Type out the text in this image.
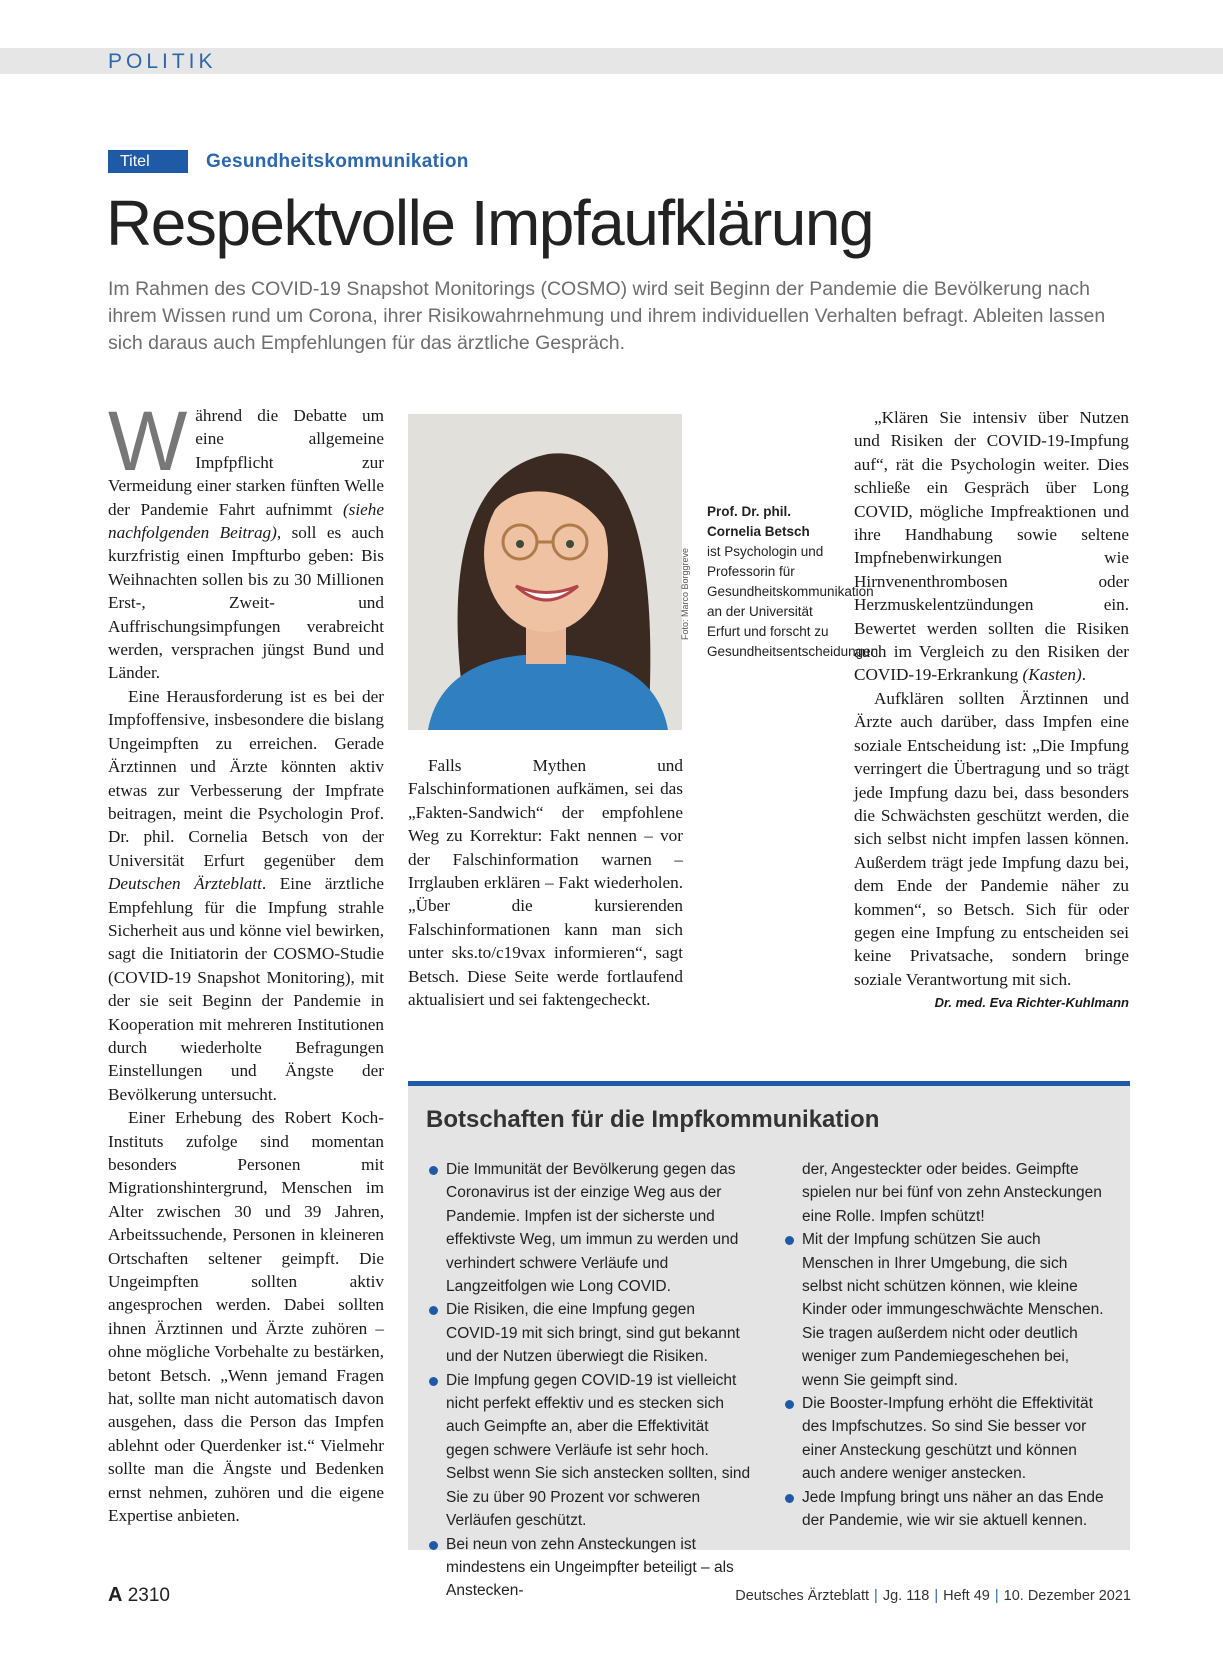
POLITIK
Titel	Gesundheitskommunikation
Respektvolle Impfaufklärung
Im Rahmen des COVID-19 Snapshot Monitorings (COSMO) wird seit Beginn der Pandemie die Bevölkerung nach ihrem Wissen rund um Corona, ihrer Risikowahrnehmung und ihrem individuellen Verhalten befragt. Ableiten lassen sich daraus auch Empfehlungen für das ärztliche Gespräch.

Während die Debatte um eine allgemeine Impfpflicht zur Vermeidung einer starken fünften Welle der Pandemie Fahrt aufnimmt (siehe nachfolgenden Beitrag), soll es auch kurzfristig einen Impfturbo geben: Bis Weihnachten sollen bis zu 30 Millionen Erst-, Zweit- und Auffrischungsimpfungen verabreicht werden, versprachen jüngst Bund und Länder.

Eine Herausforderung ist es bei der Impfoffensive, insbesondere die bislang Ungeimpften zu erreichen. Gerade Ärztinnen und Ärzte könnten aktiv etwas zur Verbesserung der Impfrate beitragen, meint die Psychologin Prof. Dr. phil. Cornelia Betsch von der Universität Erfurt gegenüber dem Deutschen Ärzteblatt. Eine ärztliche Empfehlung für die Impfung strahle Sicherheit aus und könne viel bewirken, sagt die Initiatorin der COSMO-Studie (COVID-19 Snapshot Monitoring), mit der sie seit Beginn der Pandemie in Kooperation mit mehreren Institutionen durch wiederholte Befragungen Einstellungen und Ängste der Bevölkerung untersucht.

Einer Erhebung des Robert Koch-Instituts zufolge sind momentan besonders Personen mit Migrationshintergrund, Menschen im Alter zwischen 30 und 39 Jahren, Arbeitssuchende, Personen in kleineren Ortschaften seltener geimpft. Die Ungeimpften sollten aktiv angesprochen werden. Dabei sollten ihnen Ärztinnen und Ärzte zuhören – ohne mögliche Vorbehalte zu bestärken, betont Betsch. „Wenn jemand Fragen hat, sollte man nicht automatisch davon ausgehen, dass die Person das Impfen ablehnt oder Querdenker ist.“ Vielmehr sollte man die Ängste und Bedenken ernst nehmen, zuhören und die eigene Expertise anbieten.

Foto: Marco Borggreve
Prof. Dr. phil. Cornelia Betsch
ist Psychologin und Professorin für Gesundheitskommunikation an der Universität Erfurt und forscht zu Gesundheitsentscheidungen.

Falls Mythen und Falschinformationen aufkämen, sei das „Fakten-Sandwich“ der empfohlene Weg zu Korrektur: Fakt nennen – vor der Falschinformation warnen – Irrglauben erklären – Fakt wiederholen. „Über die kursierenden Falschinformationen kann man sich unter sks.to/c19vax informieren“, sagt Betsch. Diese Seite werde fortlaufend aktualisiert und sei faktengecheckt.

„Klären Sie intensiv über Nutzen und Risiken der COVID-19-Impfung auf“, rät die Psychologin weiter. Dies schließe ein Gespräch über Long COVID, mögliche Impfreaktionen und ihre Handhabung sowie seltene Impfnebenwirkungen wie Hirnvenenthrombosen oder Herzmuskelentzündungen ein. Bewertet werden sollten die Risiken auch im Vergleich zu den Risiken der COVID-19-Erkrankung (Kasten).

Aufklären sollten Ärztinnen und Ärzte auch darüber, dass Impfen eine soziale Entscheidung ist: „Die Impfung verringert die Übertragung und so trägt jede Impfung dazu bei, dass besonders die Schwächsten geschützt werden, die sich selbst nicht impfen lassen können. Außerdem trägt jede Impfung dazu bei, dem Ende der Pandemie näher zu kommen“, so Betsch. Sich für oder gegen eine Impfung zu entscheiden sei keine Privatsache, sondern bringe soziale Verantwortung mit sich.
Dr. med. Eva Richter-Kuhlmann

Botschaften für die Impfkommunikation
Die Immunität der Bevölkerung gegen das Coronavirus ist der einzige Weg aus der Pandemie. Impfen ist der sicherste und effektivste Weg, um immun zu werden und verhindert schwere Verläufe und Langzeitfolgen wie Long COVID.
Die Risiken, die eine Impfung gegen COVID-19 mit sich bringt, sind gut bekannt und der Nutzen überwiegt die Risiken.
Die Impfung gegen COVID-19 ist vielleicht nicht perfekt effektiv und es stecken sich auch Geimpfte an, aber die Effektivität gegen schwere Verläufe ist sehr hoch. Selbst wenn Sie sich anstecken sollten, sind Sie zu über 90 Prozent vor schweren Verläufen geschützt.
Bei neun von zehn Ansteckungen ist mindestens ein Ungeimpfter beteiligt – als Anstecken-
der, Angesteckter oder beides. Geimpfte spielen nur bei fünf von zehn Ansteckungen eine Rolle. Impfen schützt!
Mit der Impfung schützen Sie auch Menschen in Ihrer Umgebung, die sich selbst nicht schützen können, wie kleine Kinder oder immungeschwächte Menschen. Sie tragen außerdem nicht oder deutlich weniger zum Pandemiegeschehen bei, wenn Sie geimpft sind.
Die Booster-Impfung erhöht die Effektivität des Impfschutzes. So sind Sie besser vor einer Ansteckung geschützt und können auch andere weniger anstecken.
Jede Impfung bringt uns näher an das Ende der Pandemie, wie wir sie aktuell kennen.
A 2310	Deutsches Ärzteblatt | Jg. 118 | Heft 49 | 10. Dezember 2021
